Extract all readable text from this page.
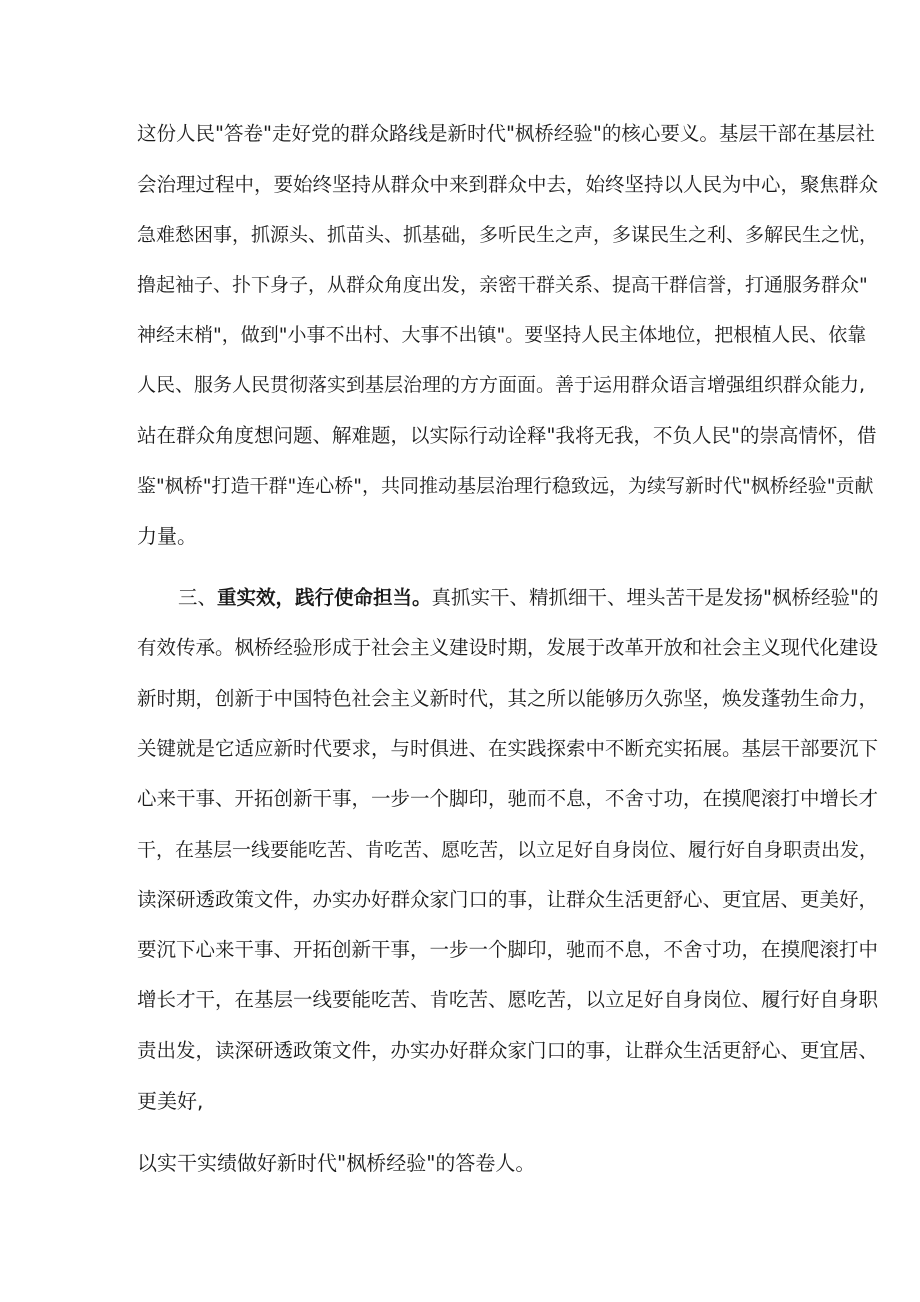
这份人民"答卷"走好党的群众路线是新时代"枫桥经验"的核心要义。基层干部在基层社
会治理过程中，要始终坚持从群众中来到群众中去，始终坚持以人民为中心，聚焦群众
急难愁困事，抓源头、抓苗头、抓基础，多听民生之声，多谋民生之利、多解民生之忧，
撸起袖子、扑下身子，从群众角度出发，亲密干群关系、提高干群信誉，打通服务群众"
神经末梢"，做到"小事不出村、大事不出镇"。要坚持人民主体地位，把根植人民、依靠
人民、服务人民贯彻落实到基层治理的方方面面。善于运用群众语言增强组织群众能力,
站在群众角度想问题、解难题，以实际行动诠释"我将无我，不负人民"的崇高情怀，借
鉴"枫桥"打造干群"连心桥"，共同推动基层治理行稳致远，为续写新时代"枫桥经验"贡献
力量。
三、重实效，践行使命担当。真抓实干、精抓细干、埋头苦干是发扬"枫桥经验"的
有效传承。枫桥经验形成于社会主义建设时期，发展于改革开放和社会主义现代化建设
新时期，创新于中国特色社会主义新时代，其之所以能够历久弥坚，焕发蓬勃生命力，
关键就是它适应新时代要求，与时俱进、在实践探索中不断充实拓展。基层干部要沉下
心来干事、开拓创新干事，一步一个脚印，驰而不息，不舍寸功，在摸爬滚打中增长才
干，在基层一线要能吃苦、肯吃苦、愿吃苦，以立足好自身岗位、履行好自身职责出发，
读深研透政策文件，办实办好群众家门口的事，让群众生活更舒心、更宜居、更美好，
要沉下心来干事、开拓创新干事，一步一个脚印，驰而不息，不舍寸功，在摸爬滚打中
增长才干，在基层一线要能吃苦、肯吃苦、愿吃苦，以立足好自身岗位、履行好自身职
责出发，读深研透政策文件，办实办好群众家门口的事，让群众生活更舒心、更宜居、
更美好,
以实干实绩做好新时代"枫桥经验"的答卷人。
